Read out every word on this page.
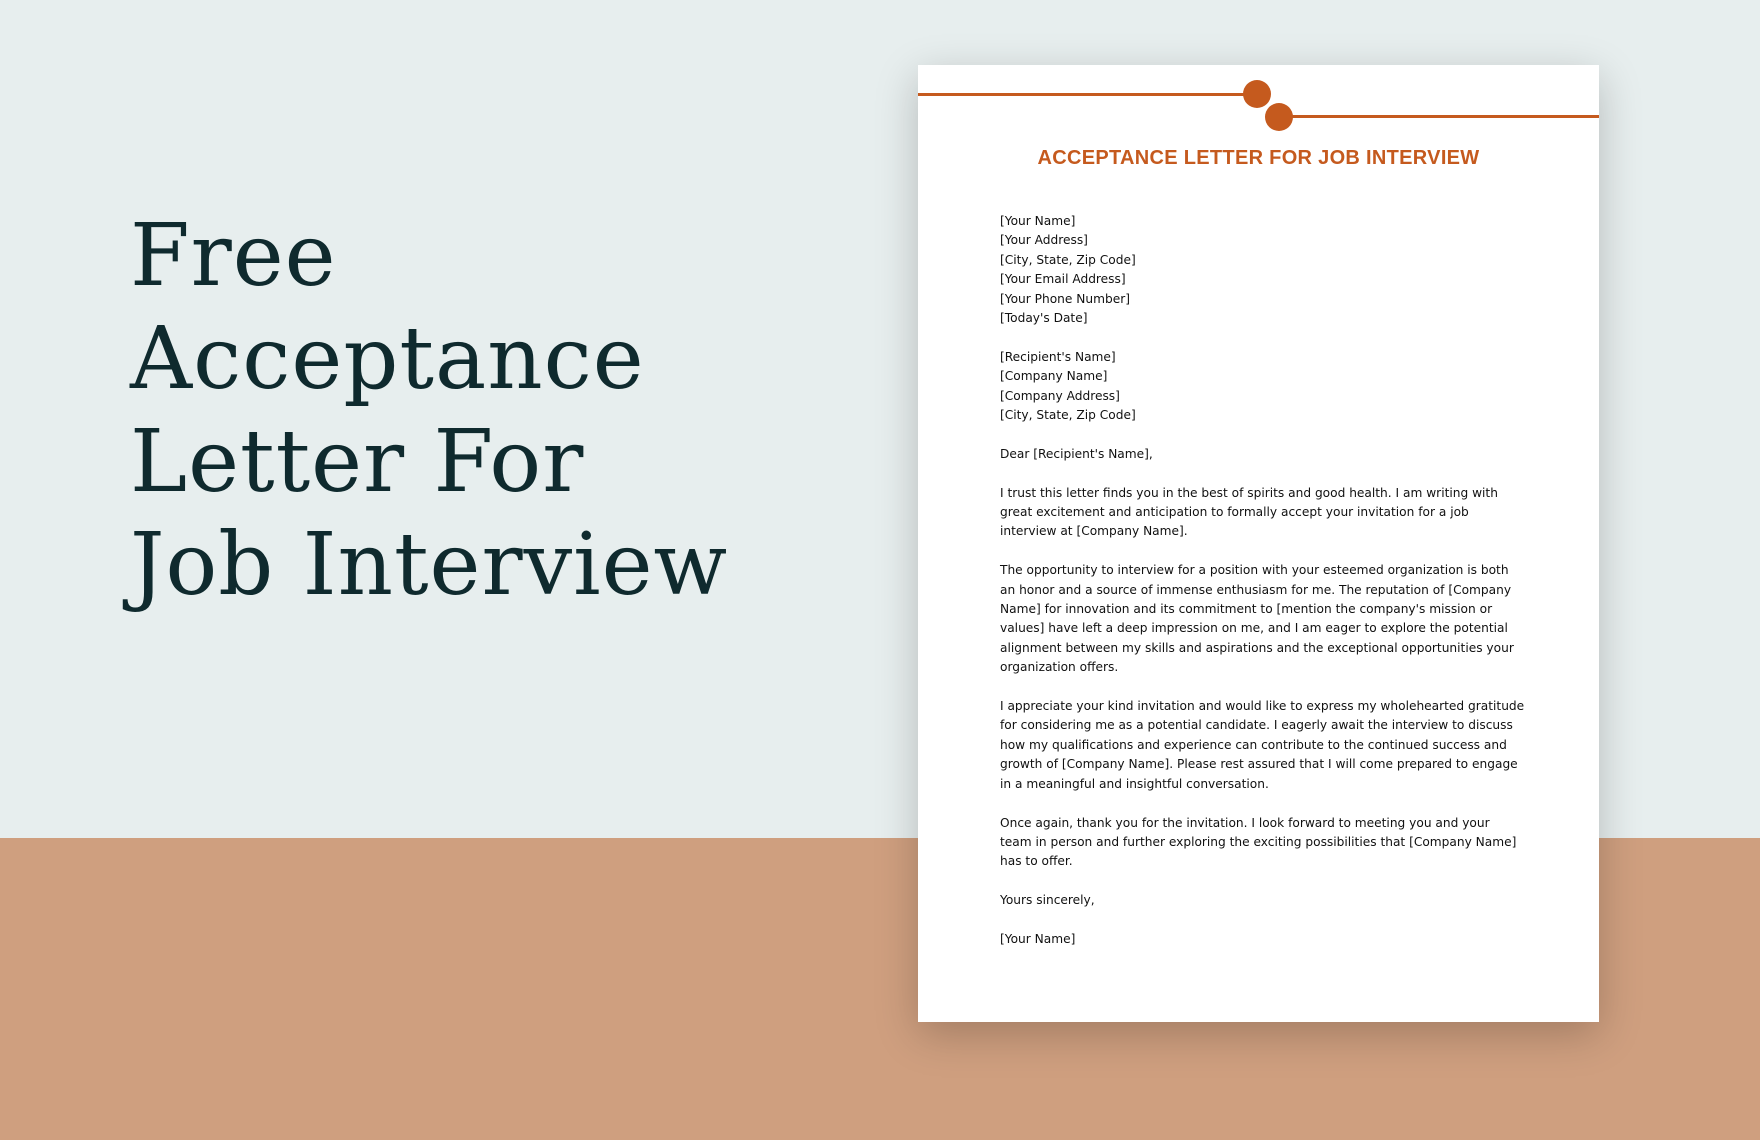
Free
Acceptance
Letter For
Job Interview
ACCEPTANCE LETTER FOR JOB INTERVIEW
[Your Name]
[Your Address]
[City, State, Zip Code]
[Your Email Address]
[Your Phone Number]
[Today's Date]
[Recipient's Name]
[Company Name]
[Company Address]
[City, State, Zip Code]

Dear [Recipient's Name],

I trust this letter finds you in the best of spirits and good health. I am writing with great excitement and anticipation to formally accept your invitation for a job interview at [Company Name].

The opportunity to interview for a position with your esteemed organization is both an honor and a source of immense enthusiasm for me. The reputation of [Company Name] for innovation and its commitment to [mention the company's mission or values] have left a deep impression on me, and I am eager to explore the potential alignment between my skills and aspirations and the exceptional opportunities your organization offers.

I appreciate your kind invitation and would like to express my wholehearted gratitude for considering me as a potential candidate. I eagerly await the interview to discuss how my qualifications and experience can contribute to the continued success and growth of [Company Name]. Please rest assured that I will come prepared to engage in a meaningful and insightful conversation.

Once again, thank you for the invitation. I look forward to meeting you and your team in person and further exploring the exciting possibilities that [Company Name] has to offer.

Yours sincerely,

[Your Name]
